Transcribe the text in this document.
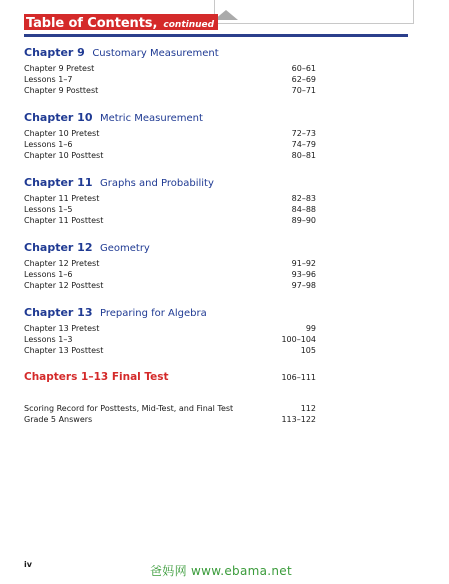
Table of Contents, continued
Chapter 9 Customary Measurement
Chapter 9 Pretest	60–61
Lessons 1–7	62–69
Chapter 9 Posttest	70–71
Chapter 10 Metric Measurement
Chapter 10 Pretest	72–73
Lessons 1–6	74–79
Chapter 10 Posttest	80–81
Chapter 11 Graphs and Probability
Chapter 11 Pretest	82–83
Lessons 1–5	84–88
Chapter 11 Posttest	89–90
Chapter 12 Geometry
Chapter 12 Pretest	91–92
Lessons 1–6	93–96
Chapter 12 Posttest	97–98
Chapter 13 Preparing for Algebra
Chapter 13 Pretest	99
Lessons 1–3	100–104
Chapter 13 Posttest	105
Chapters 1–13 Final Test	106–111
Scoring Record for Posttests, Mid-Test, and Final Test	112
Grade 5 Answers	113–122
iv	爸妈网 www.ebama.net
